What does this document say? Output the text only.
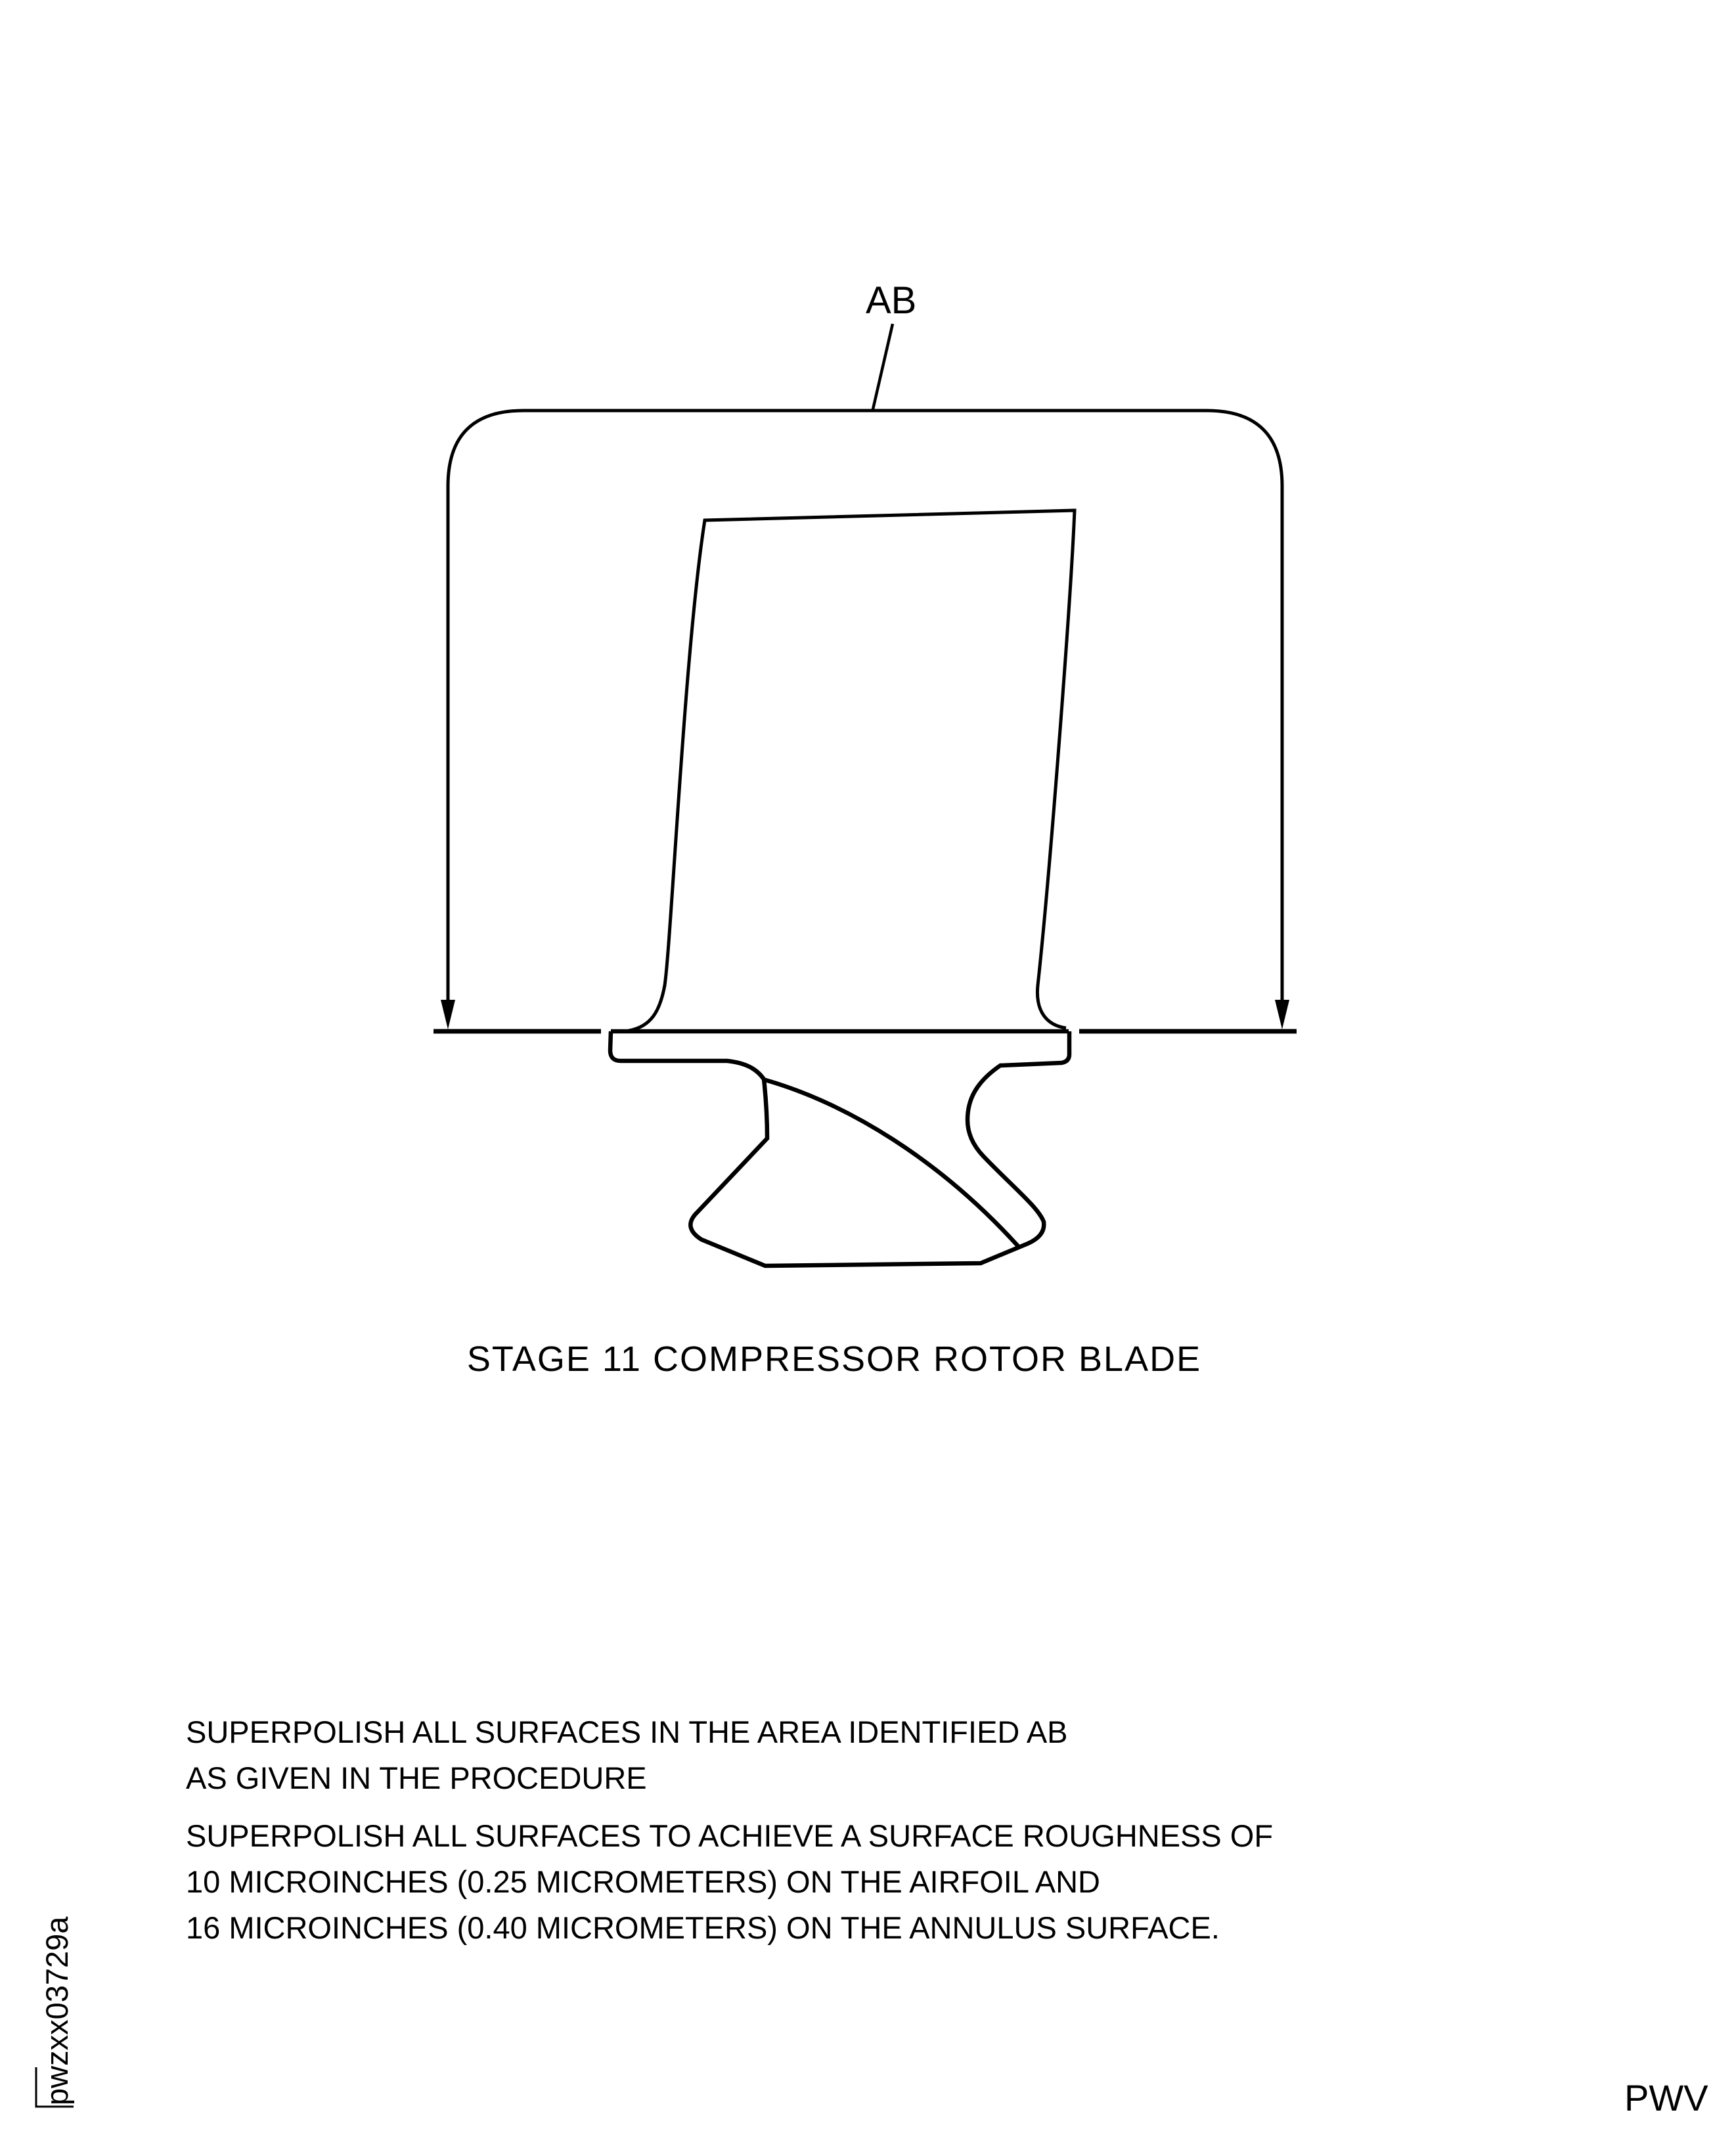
AB
STAGE 11 COMPRESSOR ROTOR BLADE
SUPERPOLISH ALL SURFACES IN THE AREA IDENTIFIED AB
AS GIVEN IN THE PROCEDURE
SUPERPOLISH ALL SURFACES TO ACHIEVE A SURFACE ROUGHNESS OF
10 MICROINCHES (0.25 MICROMETERS) ON THE AIRFOIL AND
16 MICROINCHES (0.40 MICROMETERS) ON THE ANNULUS SURFACE.
pwzxx03729a	PWV
